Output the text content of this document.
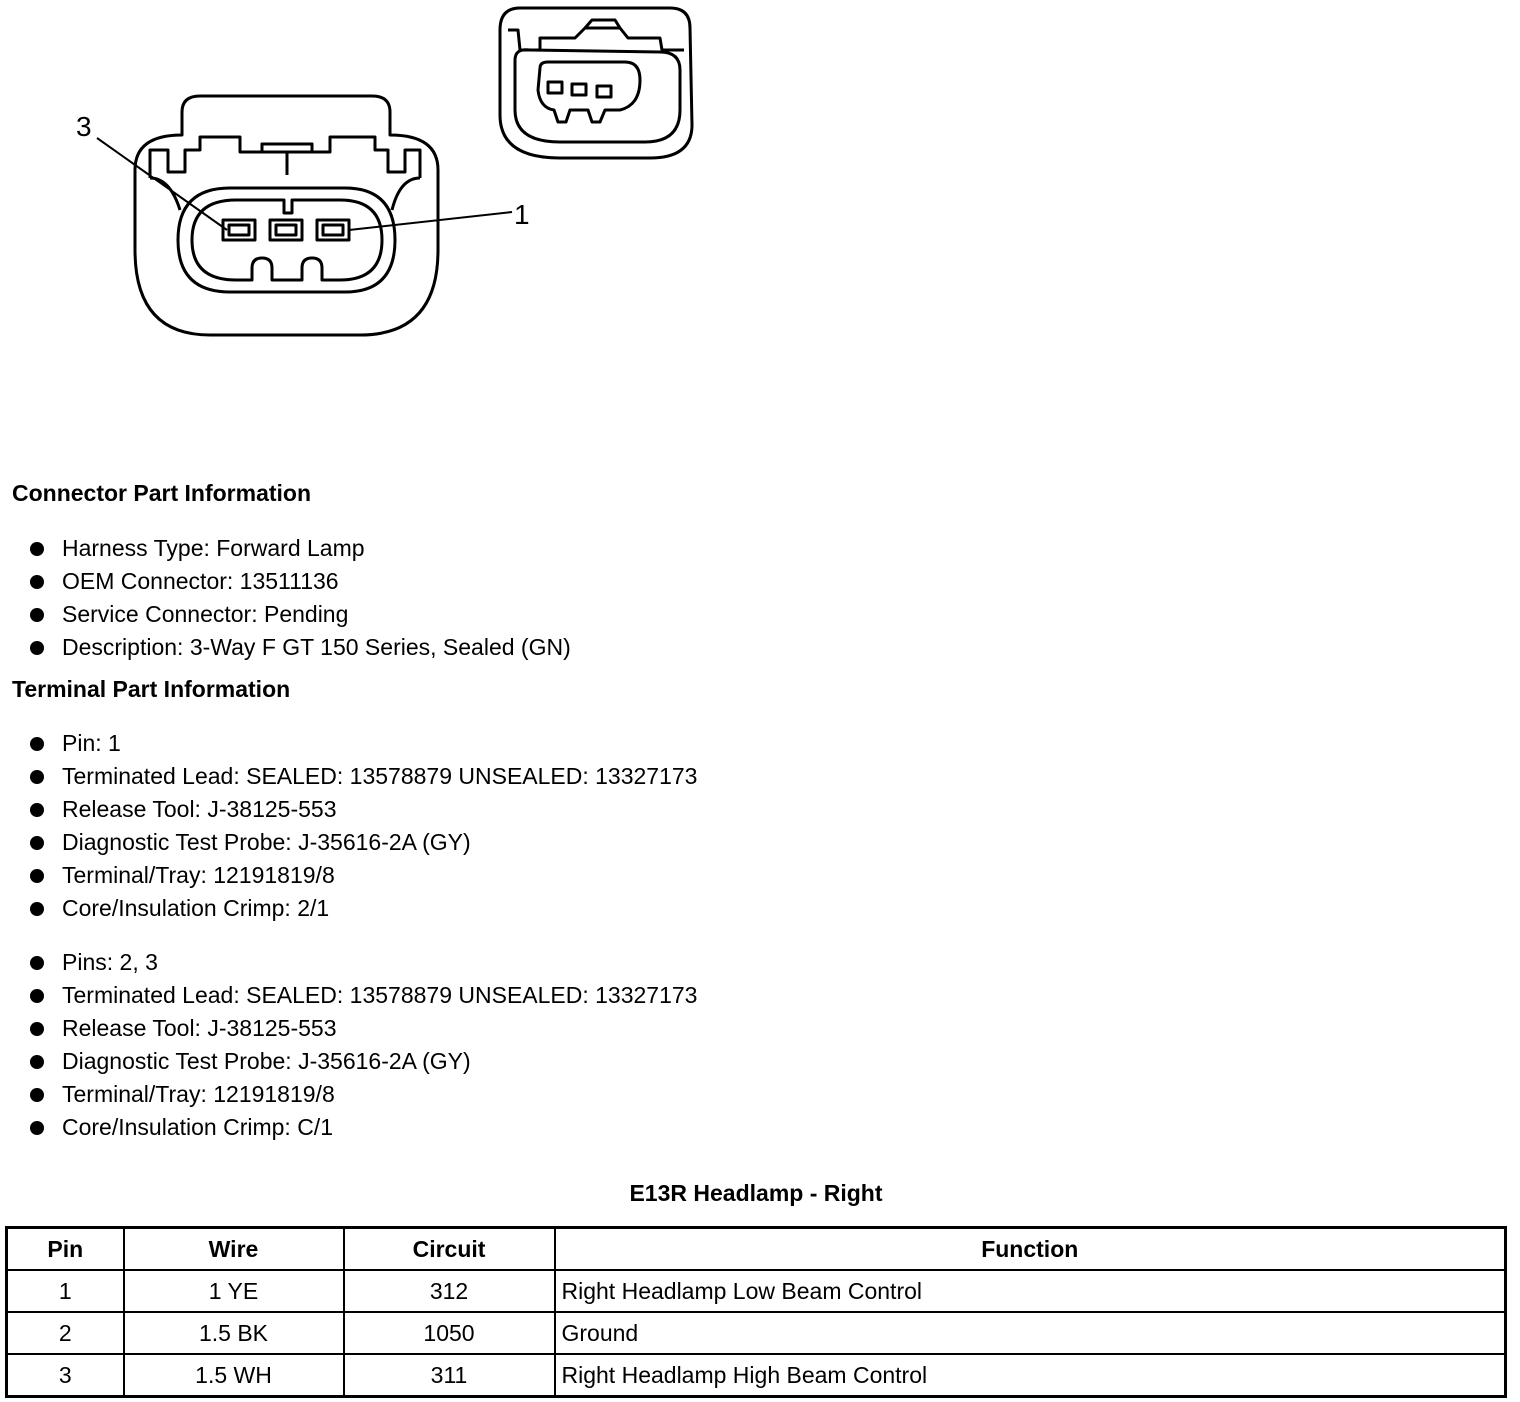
3
1
Connector Part Information
Harness Type: Forward Lamp
OEM Connector: 13511136
Service Connector: Pending
Description: 3-Way F GT 150 Series, Sealed (GN)
Terminal Part Information
Pin: 1
Terminated Lead: SEALED: 13578879 UNSEALED: 13327173
Release Tool: J-38125-553
Diagnostic Test Probe: J-35616-2A (GY)
Terminal/Tray: 12191819/8
Core/Insulation Crimp: 2/1
Pins: 2, 3
Terminated Lead: SEALED: 13578879 UNSEALED: 13327173
Release Tool: J-38125-553
Diagnostic Test Probe: J-35616-2A (GY)
Terminal/Tray: 12191819/8
Core/Insulation Crimp: C/1
E13R Headlamp - Right
Pin	Wire	Circuit	Function
1	1 YE	312	Right Headlamp Low Beam Control
2	1.5 BK	1050	Ground
3	1.5 WH	311	Right Headlamp High Beam Control
